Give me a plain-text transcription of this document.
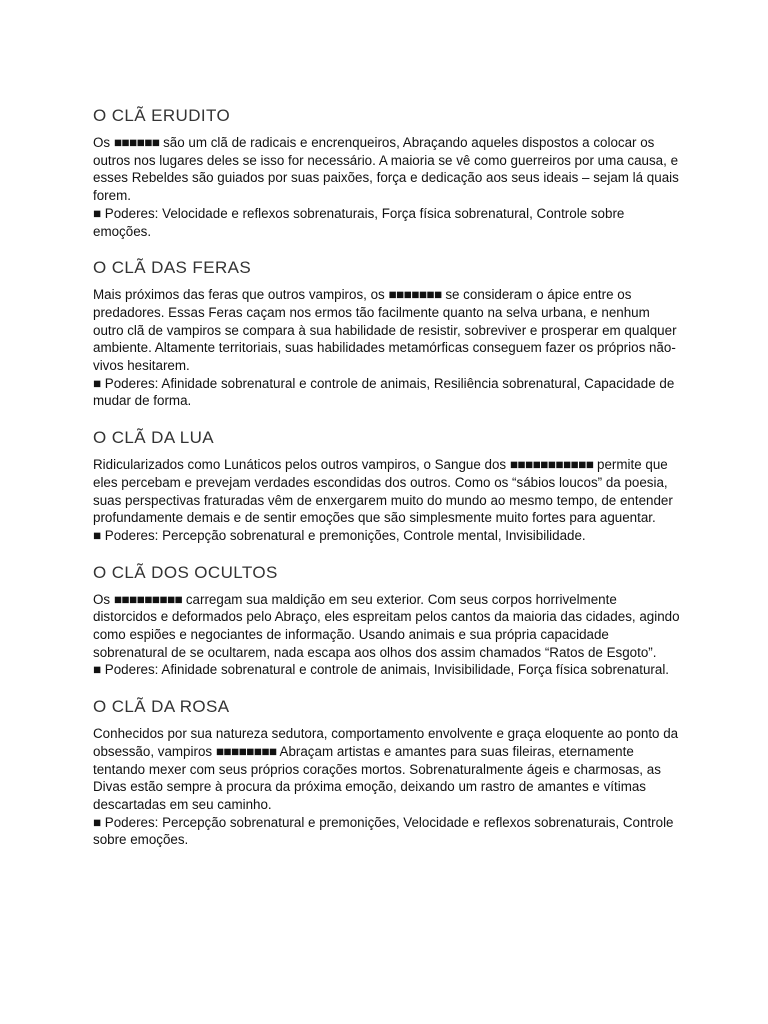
O CLÃ ERUDITO

Os ■■■■■■ são um clã de radicais e encrenqueiros, Abraçando aqueles dispostos a colocar os outros nos lugares deles se isso for necessário. A maioria se vê como guerreiros por uma causa, e esses Rebeldes são guiados por suas paixões, força e dedicação aos seus ideais – sejam lá quais forem.

■ Poderes: Velocidade e reflexos sobrenaturais, Força física sobrenatural, Controle sobre emoções.

O CLÃ DAS FERAS

Mais próximos das feras que outros vampiros, os ■■■■■■■ se consideram o ápice entre os predadores. Essas Feras caçam nos ermos tão facilmente quanto na selva urbana, e nenhum outro clã de vampiros se compara à sua habilidade de resistir, sobreviver e prosperar em qualquer ambiente. Altamente territoriais, suas habilidades metamórficas conseguem fazer os próprios não-vivos hesitarem.

■ Poderes: Afinidade sobrenatural e controle de animais, Resiliência sobrenatural, Capacidade de mudar de forma.

O CLÃ DA LUA

Ridicularizados como Lunáticos pelos outros vampiros, o Sangue dos ■■■■■■■■■■■ permite que eles percebam e prevejam verdades escondidas dos outros. Como os “sábios loucos” da poesia, suas perspectivas fraturadas vêm de enxergarem muito do mundo ao mesmo tempo, de entender profundamente demais e de sentir emoções que são simplesmente muito fortes para aguentar.

■ Poderes: Percepção sobrenatural e premonições, Controle mental, Invisibilidade.

O CLÃ DOS OCULTOS

Os ■■■■■■■■■ carregam sua maldição em seu exterior. Com seus corpos horrivelmente distorcidos e deformados pelo Abraço, eles espreitam pelos cantos da maioria das cidades, agindo como espiões e negociantes de informação. Usando animais e sua própria capacidade sobrenatural de se ocultarem, nada escapa aos olhos dos assim chamados “Ratos de Esgoto”.

■ Poderes: Afinidade sobrenatural e controle de animais, Invisibilidade, Força física sobrenatural.

O CLÃ DA ROSA

Conhecidos por sua natureza sedutora, comportamento envolvente e graça eloquente ao ponto da obsessão, vampiros ■■■■■■■■ Abraçam artistas e amantes para suas fileiras, eternamente tentando mexer com seus próprios corações mortos. Sobrenaturalmente ágeis e charmosas, as Divas estão sempre à procura da próxima emoção, deixando um rastro de amantes e vítimas descartadas em seu caminho.

■ Poderes: Percepção sobrenatural e premonições, Velocidade e reflexos sobrenaturais, Controle sobre emoções.
